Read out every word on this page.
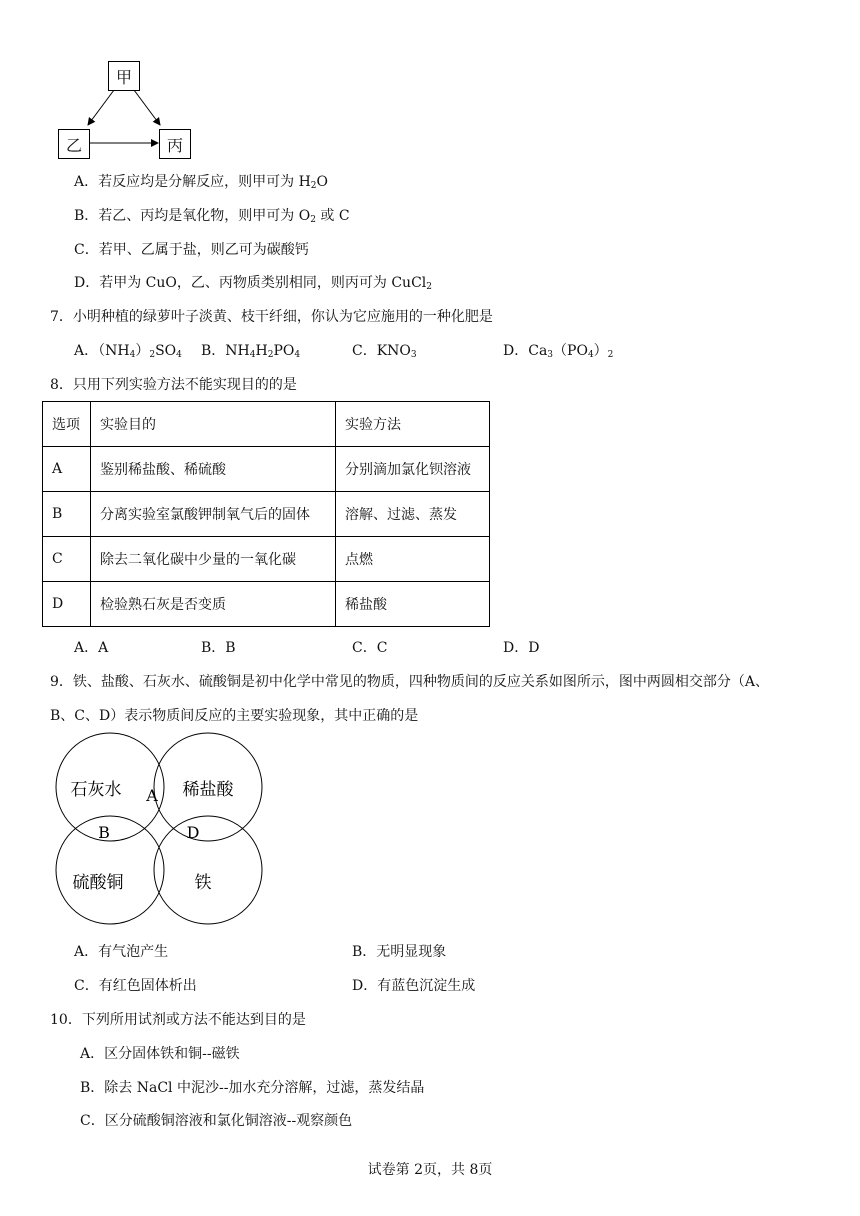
甲
乙	丙
A．若反应均是分解反应，则甲可为 $H_2O$
B．若乙、丙均是氧化物，则甲可为 $O_2$ 或 C
C．若甲、乙属于盐，则乙可为碳酸钙
D．若甲为 CuO，乙、丙物质类别相同，则丙可为 CuCl$_2$
7．小明种植的绿萝叶子淡黄、枝干纤细，你认为它应施用的一种化肥是
A．$(NH_4)_2SO_4$ B．$NH_4H_2PO_4$	C．$KNO_3$	D．$Ca_3(PO_4)_2$
8．只用下列实验方法不能实现目的的是
选项	实验目的	实验方法
A	鉴别稀盐酸、稀硫酸	分别滴加氯化钡溶液
B	分离实验室氯酸钾制氧气后的固体	溶解、过滤、蒸发
C	除去二氧化碳中少量的一氧化碳	点燃
D	检验熟石灰是否变质	稀盐酸
A．A	B．B	C．C	D．D
9．铁、盐酸、石灰水、硫酸铜是初中化学中常见的物质，四种物质间的反应关系如图所示，图中两圆相交部分（A、
B、C、D）表示物质间反应的主要实验现象，其中正确的是
石灰水	稀盐酸
硫酸铜	铁
A
B	D
A．有气泡产生	B．无明显现象
C．有红色固体析出	D．有蓝色沉淀生成
10．下列所用试剂或方法不能达到目的是
A．区分固体铁和铜--磁铁
B．除去 NaCl 中泥沙--加水充分溶解，过滤，蒸发结晶
C．区分硫酸铜溶液和氯化铜溶液--观察颜色
试卷第 2页，共 8页
